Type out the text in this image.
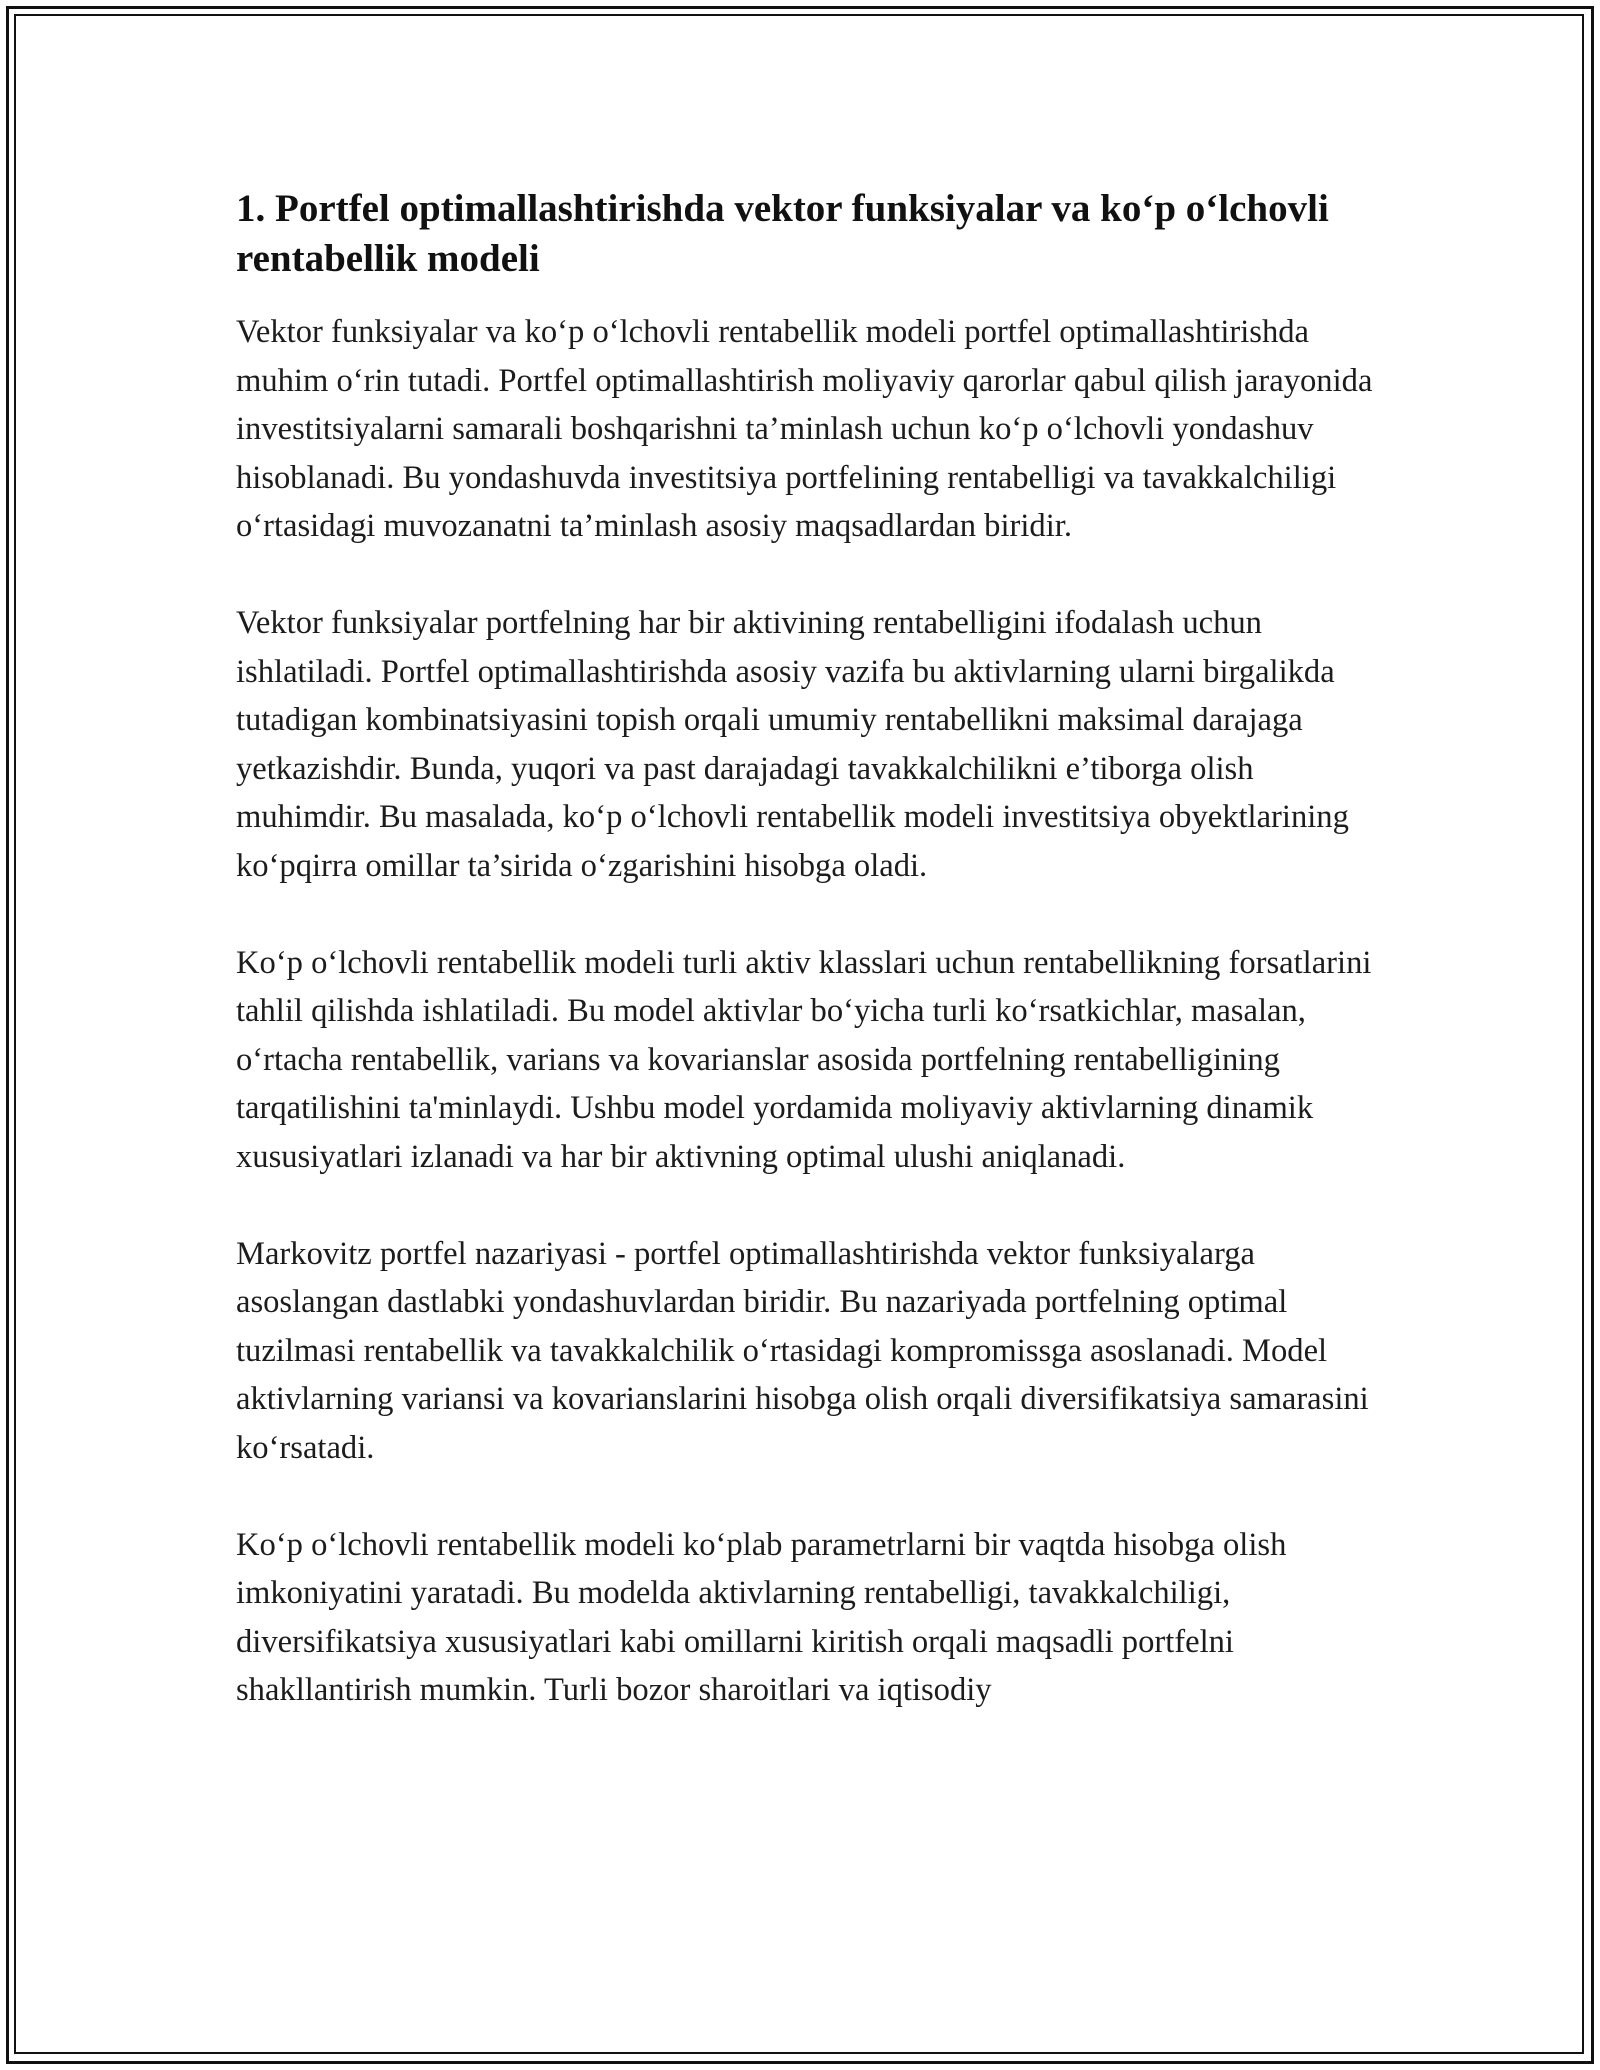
1. Portfel optimallashtirishda vektor funksiyalar va ko‘p o‘lchovli rentabellik modeli

Vektor funksiyalar va ko‘p o‘lchovli rentabellik modeli portfel optimallashtirishda muhim o‘rin tutadi. Portfel optimallashtirish moliyaviy qarorlar qabul qilish jarayonida investitsiyalarni samarali boshqarishni ta’minlash uchun ko‘p o‘lchovli yondashuv hisoblanadi. Bu yondashuvda investitsiya portfelining rentabelligi va tavakkalchiligi o‘rtasidagi muvozanatni ta’minlash asosiy maqsadlardan biridir.

Vektor funksiyalar portfelning har bir aktivining rentabelligini ifodalash uchun ishlatiladi. Portfel optimallashtirishda asosiy vazifa bu aktivlarning ularni birgalikda tutadigan kombinatsiyasini topish orqali umumiy rentabellikni maksimal darajaga yetkazishdir. Bunda, yuqori va past darajadagi tavakkalchilikni e’tiborga olish muhimdir. Bu masalada, ko‘p o‘lchovli rentabellik modeli investitsiya obyektlarining ko‘pqirra omillar ta’sirida o‘zgarishini hisobga oladi.

Ko‘p o‘lchovli rentabellik modeli turli aktiv klasslari uchun rentabellikning forsatlarini tahlil qilishda ishlatiladi. Bu model aktivlar bo‘yicha turli ko‘rsatkichlar, masalan, o‘rtacha rentabellik, varians va kovarianslar asosida portfelning rentabelligining tarqatilishini ta'minlaydi. Ushbu model yordamida moliyaviy aktivlarning dinamik xususiyatlari izlanadi va har bir aktivning optimal ulushi aniqlanadi.

Markovitz portfel nazariyasi - portfel optimallashtirishda vektor funksiyalarga asoslangan dastlabki yondashuvlardan biridir. Bu nazariyada portfelning optimal tuzilmasi rentabellik va tavakkalchilik o‘rtasidagi kompromissga asoslanadi. Model aktivlarning variansi va kovarianslarini hisobga olish orqali diversifikatsiya samarasini ko‘rsatadi.

Ko‘p o‘lchovli rentabellik modeli ko‘plab parametrlarni bir vaqtda hisobga olish imkoniyatini yaratadi. Bu modelda aktivlarning rentabelligi, tavakkalchiligi, diversifikatsiya xususiyatlari kabi omillarni kiritish orqali maqsadli portfelni shakllantirish mumkin. Turli bozor sharoitlari va iqtisodiy
